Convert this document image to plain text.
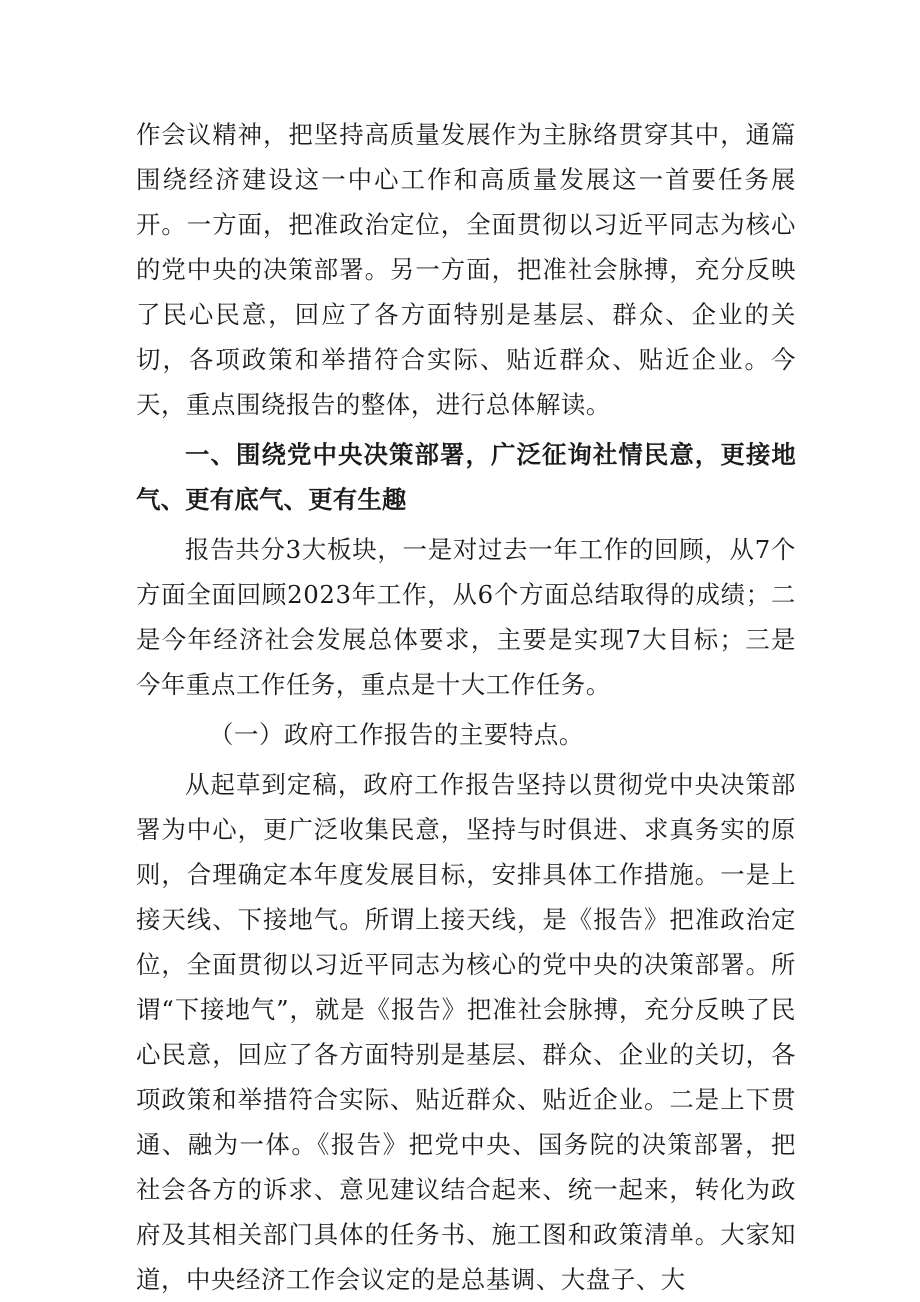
作会议精神，把坚持高质量发展作为主脉络贯穿其中，通篇围绕经济建设这一中心工作和高质量发展这一首要任务展开。一方面，把准政治定位，全面贯彻以习近平同志为核心的党中央的决策部署。另一方面，把准社会脉搏，充分反映了民心民意，回应了各方面特别是基层、群众、企业的关切，各项政策和举措符合实际、贴近群众、贴近企业。今天，重点围绕报告的整体，进行总体解读。

一、围绕党中央决策部署，广泛征询社情民意，更接地气、更有底气、更有生趣

报告共分3大板块，一是对过去一年工作的回顾，从7个方面全面回顾2023年工作，从6个方面总结取得的成绩；二是今年经济社会发展总体要求，主要是实现7大目标；三是今年重点工作任务，重点是十大工作任务。

（一）政府工作报告的主要特点。

从起草到定稿，政府工作报告坚持以贯彻党中央决策部署为中心，更广泛收集民意，坚持与时俱进、求真务实的原则，合理确定本年度发展目标，安排具体工作措施。一是上接天线、下接地气。所谓上接天线，是《报告》把准政治定位，全面贯彻以习近平同志为核心的党中央的决策部署。所谓“下接地气”，就是《报告》把准社会脉搏，充分反映了民心民意，回应了各方面特别是基层、群众、企业的关切，各项政策和举措符合实际、贴近群众、贴近企业。二是上下贯通、融为一体。《报告》把党中央、国务院的决策部署，把社会各方的诉求、意见建议结合起来、统一起来，转化为政府及其相关部门具体的任务书、施工图和政策清单。大家知道，中央经济工作会议定的是总基调、大盘子、大
